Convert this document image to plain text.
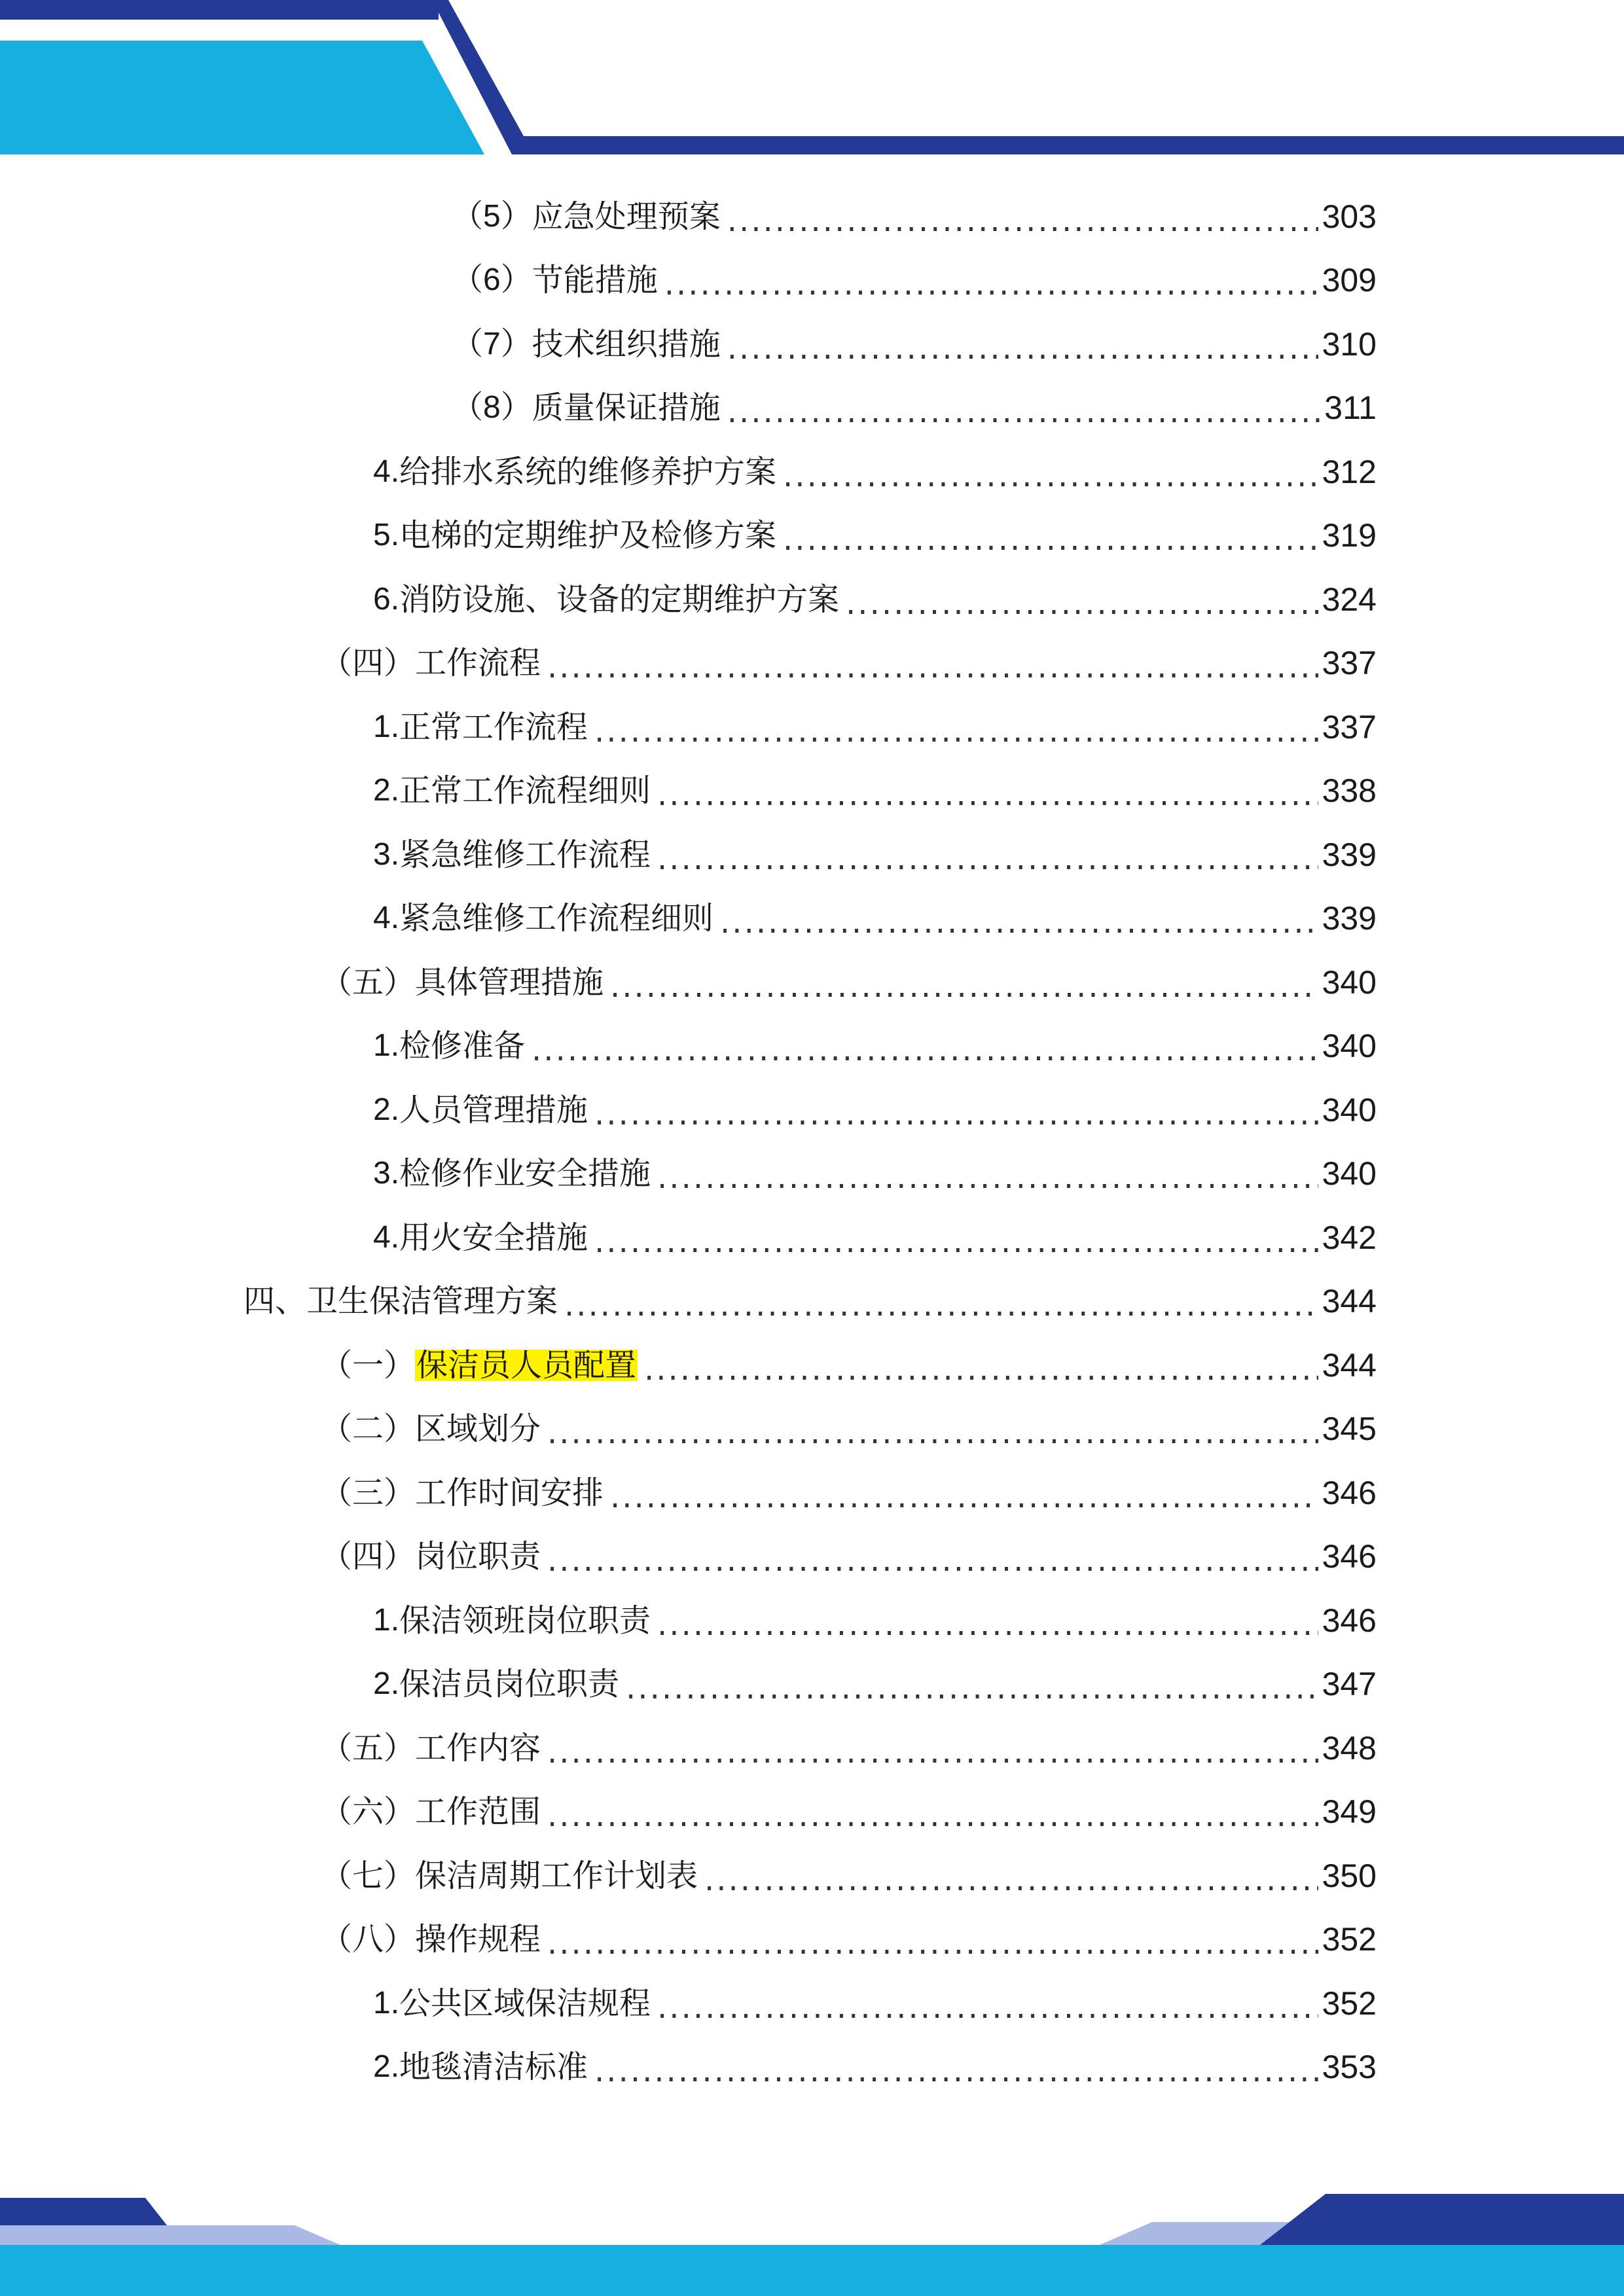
（5） 应急处理预案 .....	303
（6） 节能措施 .....	309
（7） 技术组织措施 .....	310
（8） 质量保证措施 .....	311
4. 给排水系统的维修养护方案 .....	312
5. 电梯的定期维护及检修方案 .....	319
6. 消防设施、设备的定期维护方案 .....	324
（四） 工作流程 .....	337
1. 正常工作流程 .....	337
2. 正常工作流程细则 .....	338
3. 紧急维修工作流程 .....	339
4. 紧急维修工作流程细则 .....	339
（五） 具体管理措施 .....	340
1. 检修准备 .....	340
2. 人员管理措施 .....	340
3. 检修作业安全措施 .....	340
4. 用火安全措施 .....	342
四、 卫生保洁管理方案 .....	344
（一） 保洁员人员配置 .....	344
（二） 区域划分 .....	345
（三） 工作时间安排 .....	346
（四） 岗位职责 .....	346
1. 保洁领班岗位职责 .....	346
2. 保洁员岗位职责 .....	347
（五） 工作内容 .....	348
（六） 工作范围 .....	349
（七） 保洁周期工作计划表 .....	350
（八） 操作规程 .....	352
1. 公共区域保洁规程 .....	352
2. 地毯清洁标准 .....	353
